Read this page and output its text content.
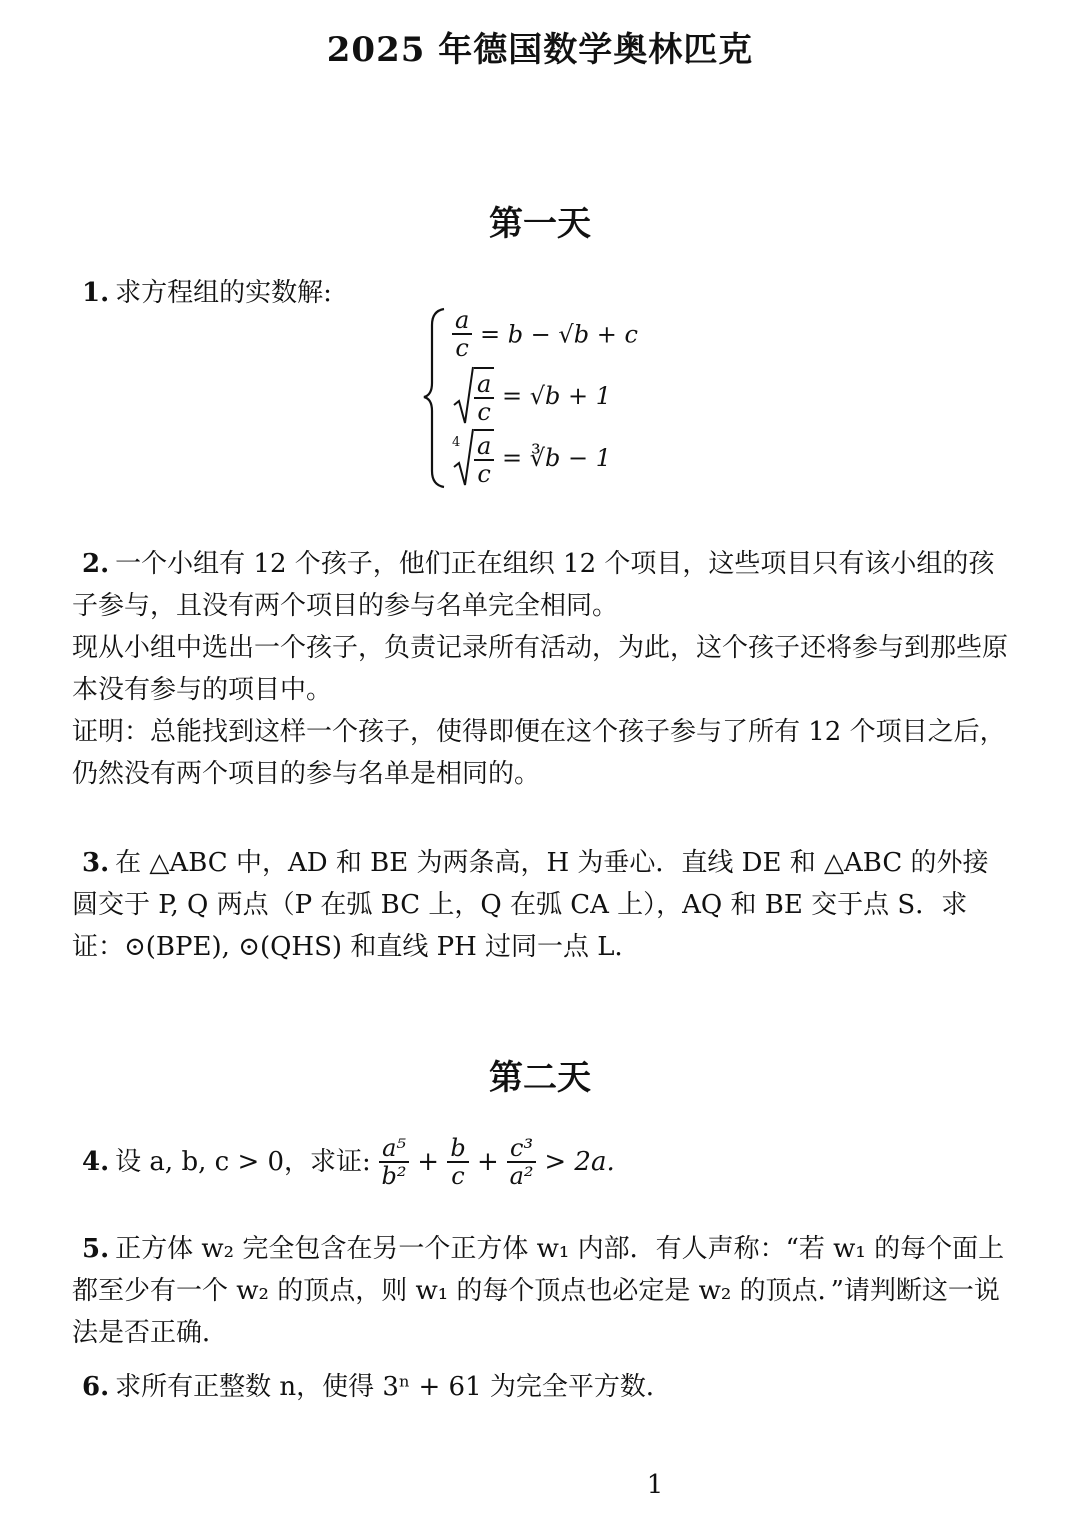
2025 年德国数学奥林匹克
第一天
1. 求方程组的实数解:
$\frac{a}{c} = b - √b + c$
$\frac{a}{c} = √b + 1$
$4 \frac{a}{c}$ = ∛b − 1
2. 一个小组有 12 个孩子，他们正在组织 12 个项目，这些项目只有该小组的孩子参与，且没有两个项目的参与名单完全相同。
现从小组中选出一个孩子，负责记录所有活动，为此，这个孩子还将参与到那些原本没有参与的项目中。
证明：总能找到这样一个孩子，使得即便在这个孩子参与了所有 12 个项目之后，仍然没有两个项目的参与名单是相同的。
3. 在 △ABC 中，AD 和 BE 为两条高，H 为垂心．直线 DE 和 △ABC 的外接圆交于 P, Q 两点（P 在弧 BC 上，Q 在弧 CA 上），AQ 和 BE 交于点 S．求证：⊙(BPE), ⊙(QHS) 和直线 PH 过同一点 L．
第二天
4. 设 a, b, c > 0，求证: $\frac{\text{a⁵}}{\text{b²}} + \frac{b}{c} + \frac{\text{c³}}{\text{a²}} > 2a$.
5. 正方体 w₂ 完全包含在另一个正方体 w₁ 内部．有人声称：“若 w₁ 的每个面上都至少有一个 w₂ 的顶点，则 w₁ 的每个顶点也必定是 w₂ 的顶点．”请判断这一说法是否正确．
6. 求所有正整数 n，使得 3ⁿ + 61 为完全平方数．
1
